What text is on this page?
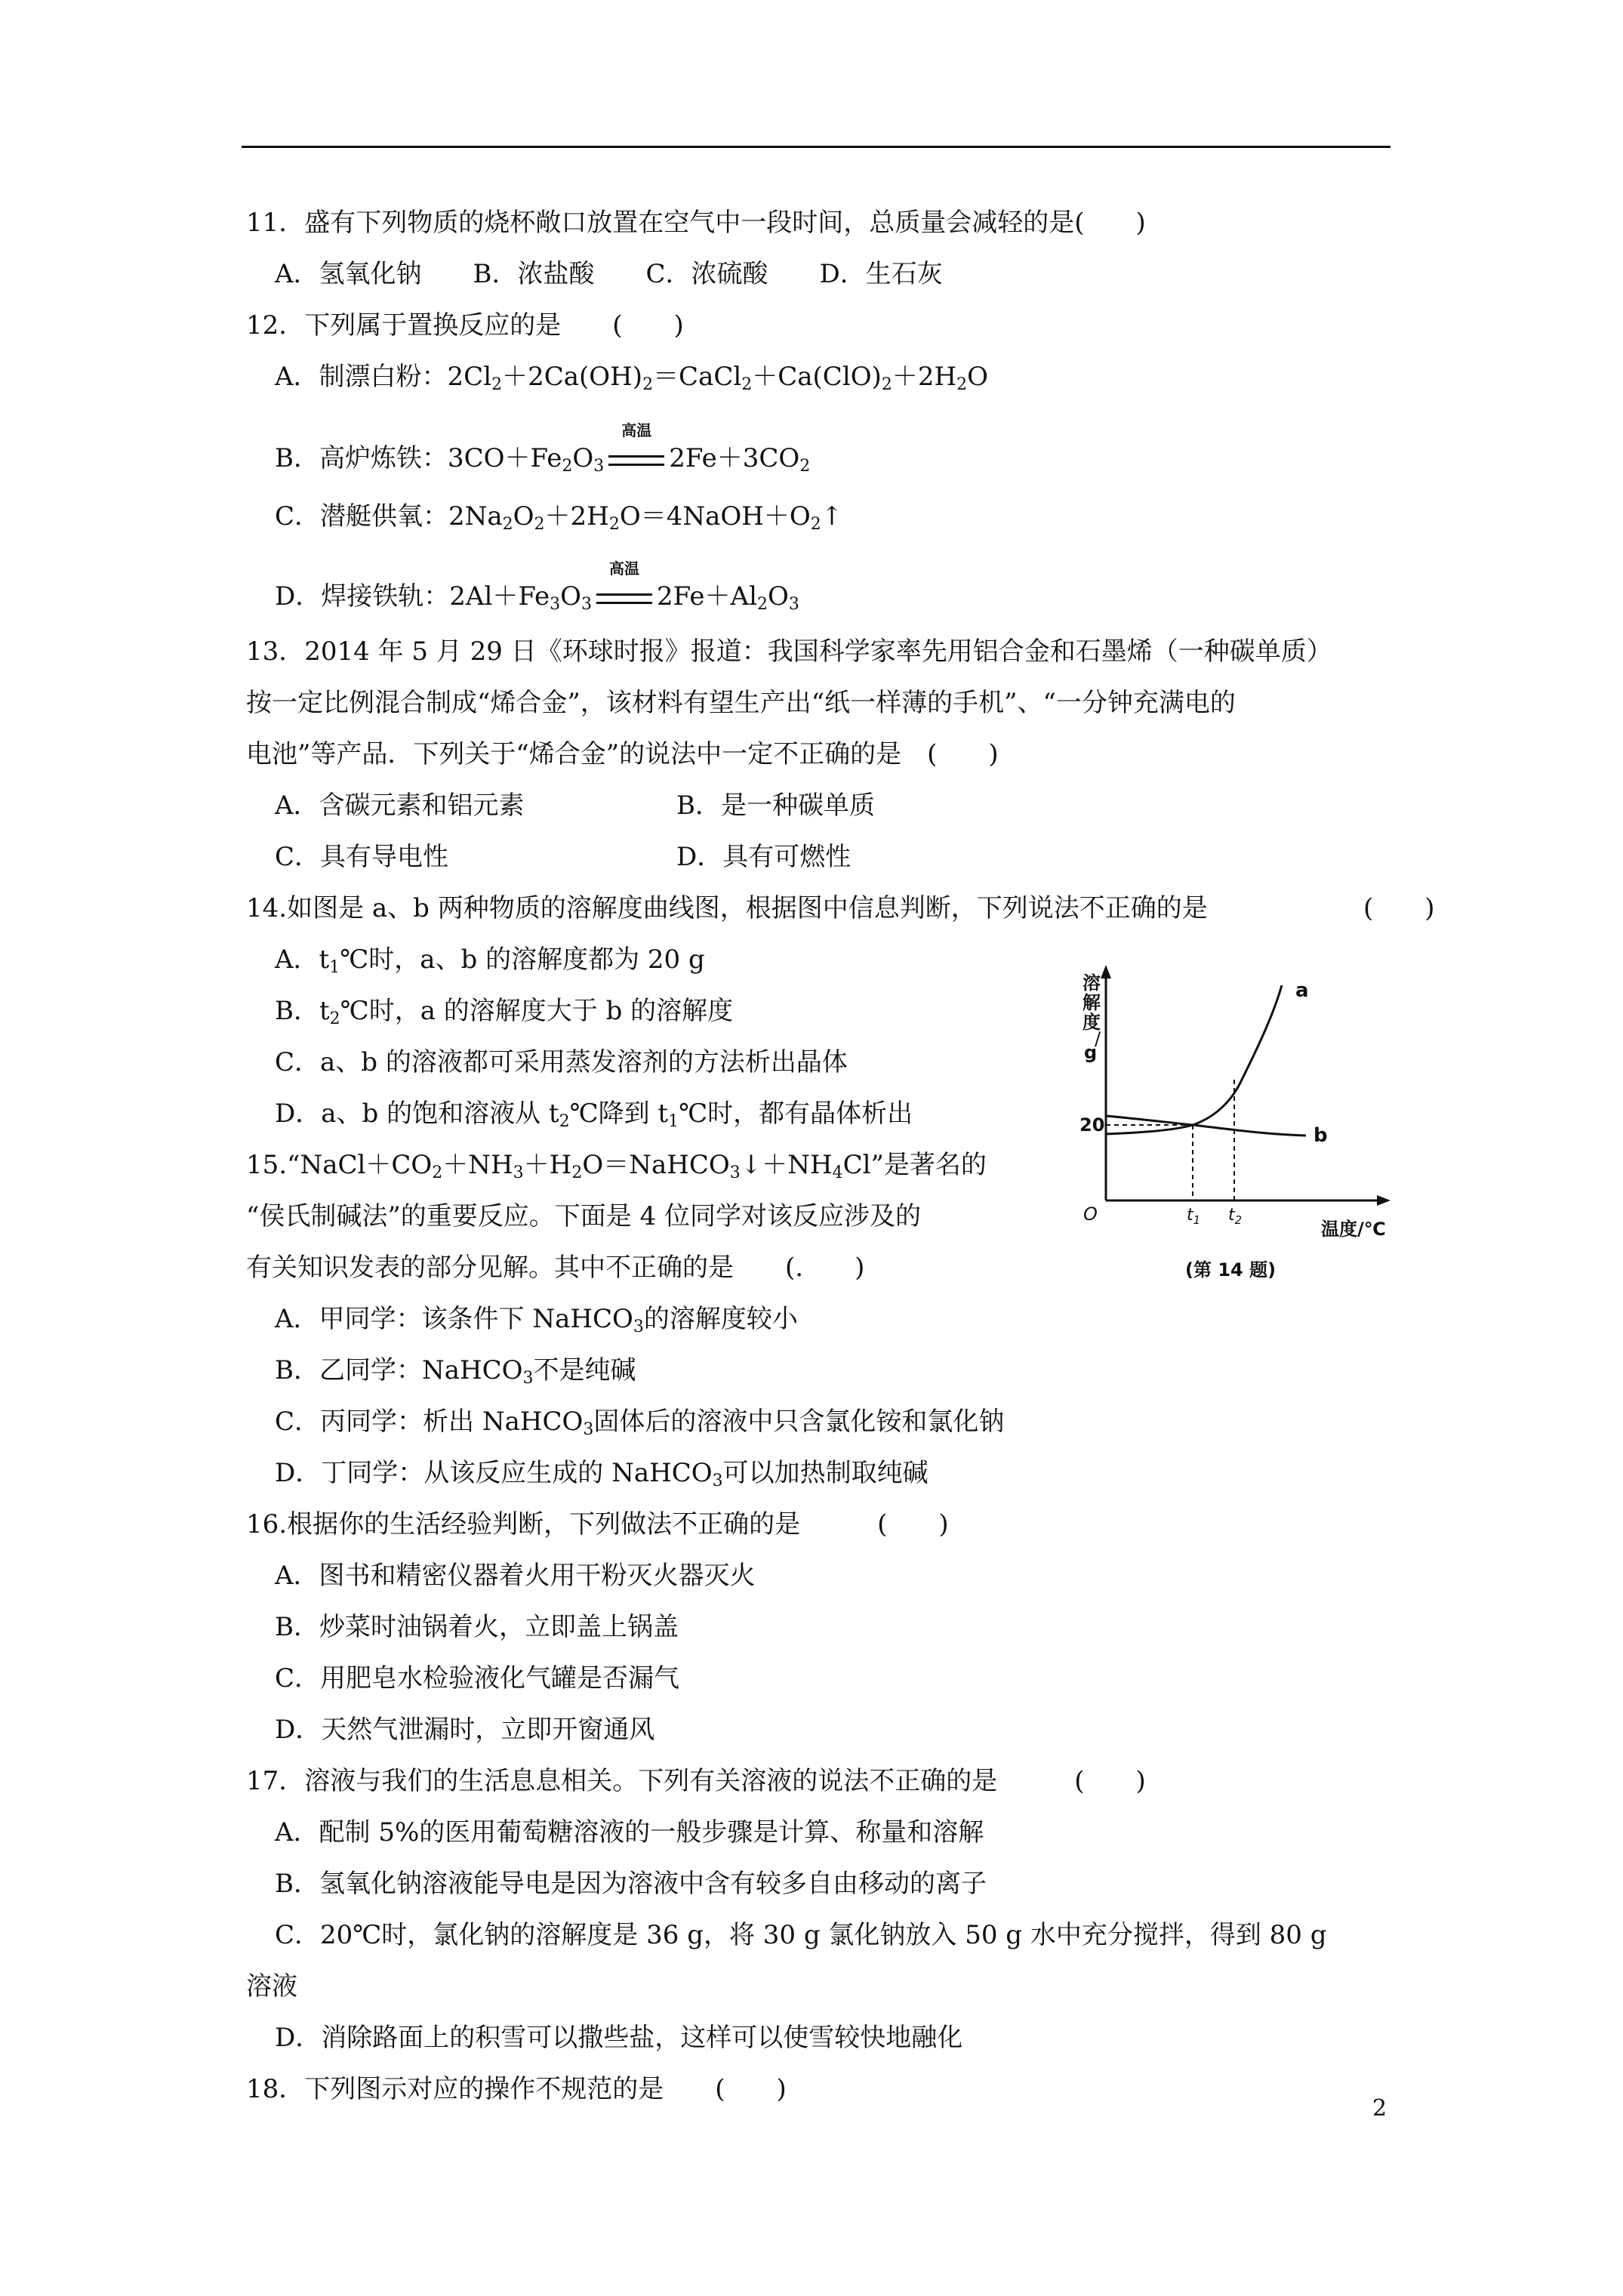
11．盛有下列物质的烧杯敞口放置在空气中一段时间，总质量会减轻的是(　　)
A．氢氧化钠　　B．浓盐酸　　C．浓硫酸　　D．生石灰
12．下列属于置换反应的是　　(　　)
A．制漂白粉：$2Cl_2+2Ca(OH)_2=CaCl_2+Ca(ClO)_2+2H_2O$
B．高炉炼铁：$3CO+Fe_2O_3$
高温
$2Fe+3CO_2$
C．潜艇供氧：$2Na_2O_2+2H_2O=4NaOH+O_2↑$
D．焊接铁轨：$2Al+Fe_3O_3$
高温
$2Fe+Al_2O_3$
13．2014 年 5 月 29 日《环球时报》报道：我国科学家率先用铝合金和石墨烯（一种碳单质）
按一定比例混合制成“烯合金”，该材料有望生产出“纸一样薄的手机”、“一分钟充满电的
电池”等产品．下列关于“烯合金”的说法中一定不正确的是　(　　)
A．含碳元素和铝元素	B．是一种碳单质
C．具有导电性	D．具有可燃性
14.如图是 a、b 两种物质的溶解度曲线图，根据图中信息判断，下列说法不正确的是	(　　)
A．$t_1℃$时，a、b 的溶解度都为 20 g
B．$t_2℃$时，a 的溶解度大于 b 的溶解度
C．a、b 的溶液都可采用蒸发溶剂的方法析出晶体
D．a、b 的饱和溶液从 $t_2℃$降到 $t_1℃$时，都有晶体析出
$15.“NaCl+CO_2+NH_3+H_2O=NaHCO_3↓+NH_4Cl$”是著名的
“侯氏制碱法”的重要反应。下面是 4 位同学对该反应涉及的
有关知识发表的部分见解。其中不正确的是　　(.　　)
A．甲同学：该条件下 NaHCO$_3$的溶解度较小
B．乙同学：NaHCO$_3$不是纯碱
C．丙同学：析出 NaHCO$_3$固体后的溶液中只含氯化铵和氯化钠
D．丁同学：从该反应生成的 NaHCO$_3$可以加热制取纯碱
16.根据你的生活经验判断，下列做法不正确的是　　　(　　)
A．图书和精密仪器着火用干粉灭火器灭火
B．炒菜时油锅着火，立即盖上锅盖
C．用肥皂水检验液化气罐是否漏气
D．天然气泄漏时，立即开窗通风
17．溶液与我们的生活息息相关。下列有关溶液的说法不正确的是　　　(　　)
A．配制 5%的医用葡萄糖溶液的一般步骤是计算、称量和溶解
B．氢氧化钠溶液能导电是因为溶液中含有较多自由移动的离子
C．20℃时，氯化钠的溶解度是 36 g，将 30 g 氯化钠放入 50 g 水中充分搅拌，得到 80 g
溶液
D．消除路面上的积雪可以撒些盐，这样可以使雪较快地融化
18．下列图示对应的操作不规范的是　　(　　)
溶
解
度
/
g
20
O
a
b
$t_1$ $t_2$	温度/℃
(第 14 题)
2
